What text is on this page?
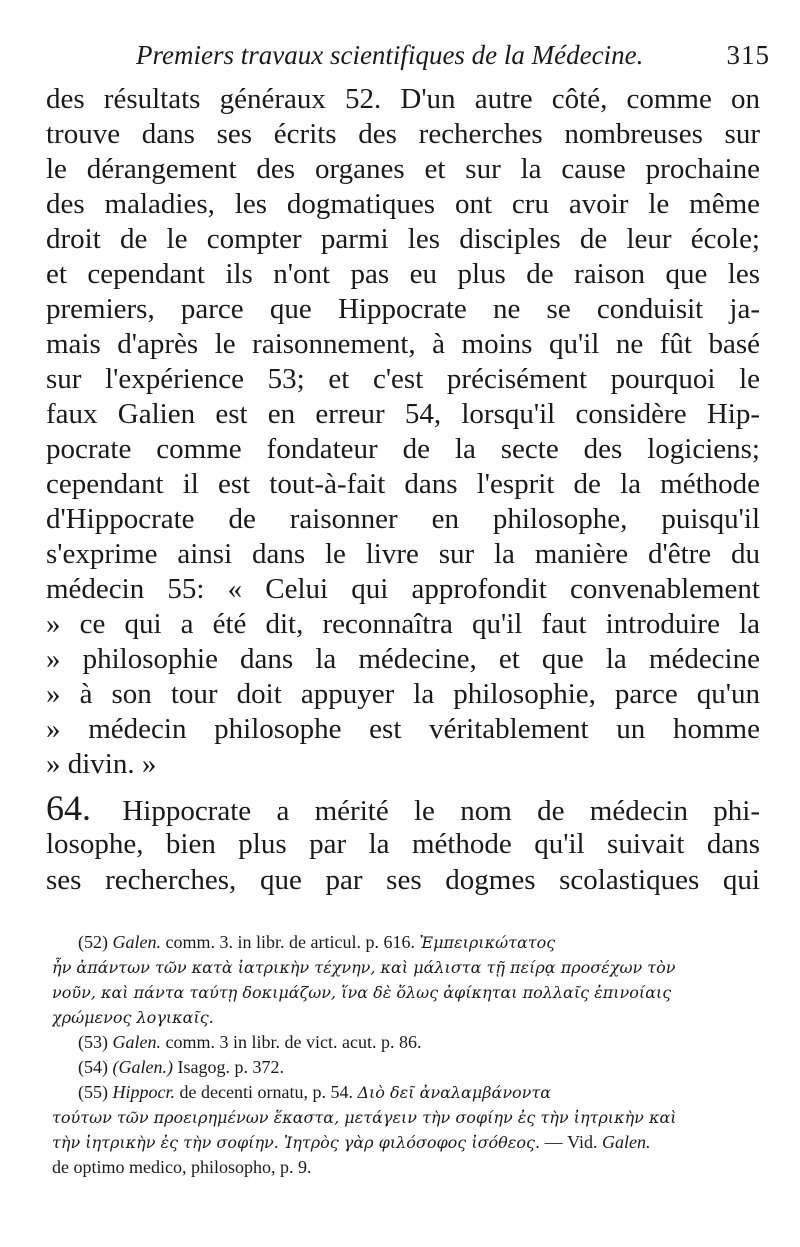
Premiers travaux scientifiques de la Médecine.	315
des résultats généraux 52. D'un autre côté, comme on
trouve dans ses écrits des recherches nombreuses sur
le dérangement des organes et sur la cause prochaine
des maladies, les dogmatiques ont cru avoir le même
droit de le compter parmi les disciples de leur école;
et cependant ils n'ont pas eu plus de raison que les
premiers, parce que Hippocrate ne se conduisit ja-
mais d'après le raisonnement, à moins qu'il ne fût basé
sur l'expérience 53; et c'est précisément pourquoi le
faux Galien est en erreur 54, lorsqu'il considère Hip-
pocrate comme fondateur de la secte des logiciens;
cependant il est tout-à-fait dans l'esprit de la méthode
d'Hippocrate de raisonner en philosophe, puisqu'il
s'exprime ainsi dans le livre sur la manière d'être du
médecin 55: « Celui qui approfondit convenablement
» ce qui a été dit, reconnaîtra qu'il faut introduire la
» philosophie dans la médecine, et que la médecine
» à son tour doit appuyer la philosophie, parce qu'un
» médecin philosophe est véritablement un homme
» divin. »
64. Hippocrate a mérité le nom de médecin phi-
losophe, bien plus par la méthode qu'il suivait dans
ses recherches, que par ses dogmes scolastiques qui
(52) Galen. comm. 3. in libr. de articul. p. 616. Ἐμπειρικώτατος
ἦν ἁπάντων τῶν κατὰ ἰατρικὴν τέχνην, καὶ μάλιστα τῇ πείρᾳ προσέχων τὸν
νοῦν, καὶ πάντα ταύτῃ δοκιμάζων, ἵνα δὲ ὅλως ἀφίκηται πολλαῖς ἐπινοίαις
χρώμενος λογικαῖς.
(53) Galen. comm. 3 in libr. de vict. acut. p. 86.
(54) (Galen.) Isagog. p. 372.
(55) Hippocr. de decenti ornatu, p. 54. Διὸ δεῖ ἀναλαμβάνοντα
τούτων τῶν προειρημένων ἕκαστα, μετάγειν τὴν σοφίην ἐς τὴν ἰητρικὴν καὶ
τὴν ἰητρικὴν ἐς τὴν σοφίην. Ἰητρὸς γὰρ φιλόσοφος ἰσόθεος. — Vid. Galen.
de optimo medico, philosopho, p. 9.
